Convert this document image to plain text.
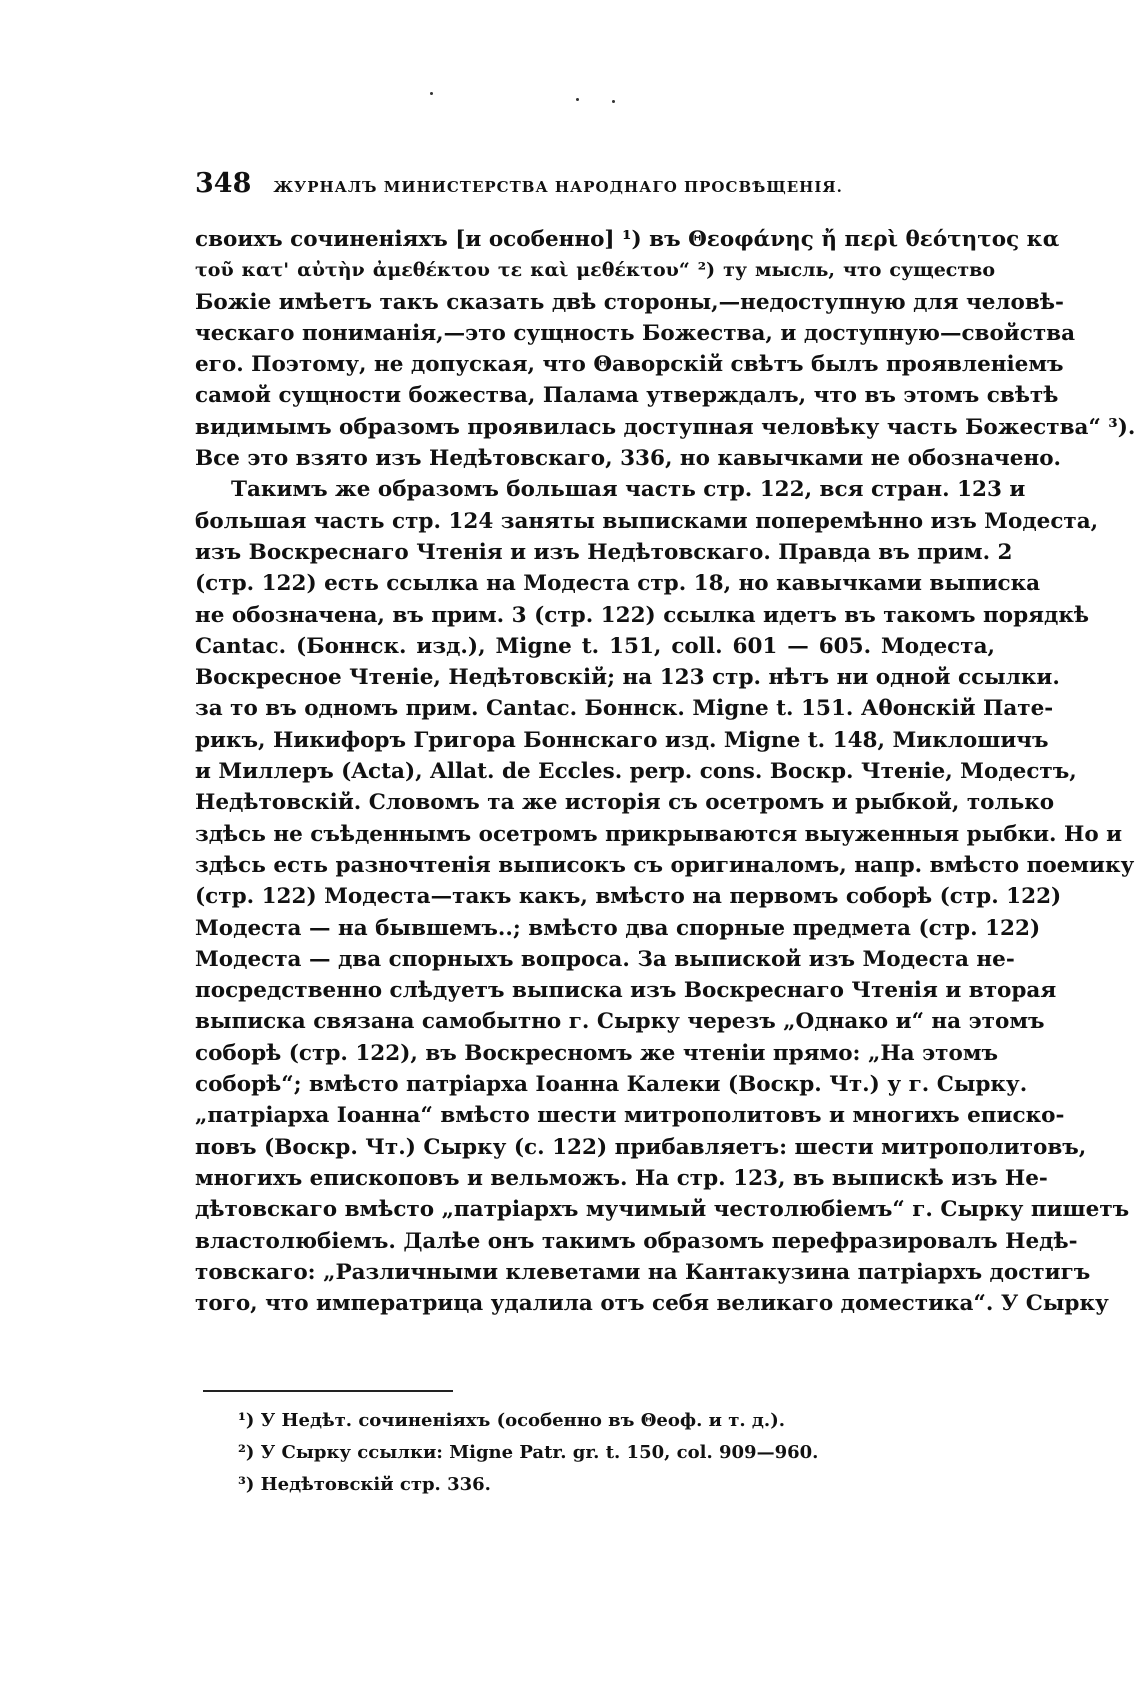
348 ЖУРНАЛЪ МИНИСТЕРСТВА НАРОДНАГО ПРОСВѢЩЕНІЯ.
своихъ сочиненіяхъ [и особенно] ¹) въ Θεοφάνης ἤ περὶ θεότητος κα
τοῦ κατ' αὐτὴν ἀμεθέκτου τε καὶ μεθέκτου“ ²) ту мысль, что существо
Божіе имѣетъ такъ сказать двѣ стороны,—недоступную для человѣ-
ческаго пониманія,—это сущность Божества, и доступную—свойства
его. Поэтому, не допуская, что Θаворскій свѣтъ былъ проявленіемъ
самой сущности божества, Палама утверждалъ, что въ этомъ свѣтѣ
видимымъ образомъ проявилась доступная человѣку часть Божества“ ³).
Все это взято изъ Недѣтовскаго, 336, но кавычками не обозначено.
Такимъ же образомъ большая часть стр. 122, вся стран. 123 и
большая часть стр. 124 заняты выписками поперемѣнно изъ Модеста,
изъ Воскреснаго Чтенія и изъ Недѣтовскаго. Правда въ прим. 2
(стр. 122) есть ссылка на Модеста стр. 18, но кавычками выписка
не обозначена, въ прим. 3 (стр. 122) ссылка идетъ въ такомъ порядкѣ
Cantac. (Боннск. изд.), Migne t. 151, coll. 601 — 605. Модеста,
Воскресное Чтеніе, Недѣтовскій; на 123 стр. нѣтъ ни одной ссылки.
за то въ одномъ прим. Cantac. Боннск. Migne t. 151. Аθонскій Пате-
рикъ, Никифоръ Григора Боннскаго изд. Migne t. 148, Миклошичъ
и Миллеръ (Acta), Allat. de Eccles. perp. cons. Воскр. Чтеніе, Модестъ,
Недѣтовскій. Словомъ та же исторія съ осетромъ и рыбкой, только
здѣсь не съѣденнымъ осетромъ прикрываются выуженныя рыбки. Но и
здѣсь есть разночтенія выписокъ съ оригиналомъ, напр. вмѣсто поемику
(стр. 122) Модеста—такъ какъ, вмѣсто на первомъ соборѣ (стр. 122)
Модеста — на бывшемъ..; вмѣсто два спорные предмета (стр. 122)
Модеста — два спорныхъ вопроса. За выпиской изъ Модеста не-
посредственно слѣдуетъ выписка изъ Воскреснаго Чтенія и вторая
выписка связана самобытно г. Сырку черезъ „Однако и“ на этомъ
соборѣ (стр. 122), въ Воскресномъ же чтеніи прямо: „На этомъ
соборѣ“; вмѣсто патріарха Іоанна Калеки (Воскр. Чт.) у г. Сырку.
„патріарха Іоанна“ вмѣсто шести митрополитовъ и многихъ еписко-
повъ (Воскр. Чт.) Сырку (с. 122) прибавляетъ: шести митрополитовъ,
многихъ епископовъ и вельможъ. На стр. 123, въ выпискѣ изъ Не-
дѣтовскаго вмѣсто „патріархъ мучимый честолюбіемъ“ г. Сырку пишетъ
властолюбіемъ. Далѣе онъ такимъ образомъ перефразировалъ Недѣ-
товскаго: „Различными клеветами на Кантакузина патріархъ достигъ
того, что императрица удалила отъ себя великаго доместика“. У Сырку
¹) У Недѣт. сочиненіяхъ (особенно въ Θеоф. и т. д.).
²) У Сырку ссылки: Migne Patr. gr. t. 150, col. 909—960.
³) Недѣтовскій стр. 336.
